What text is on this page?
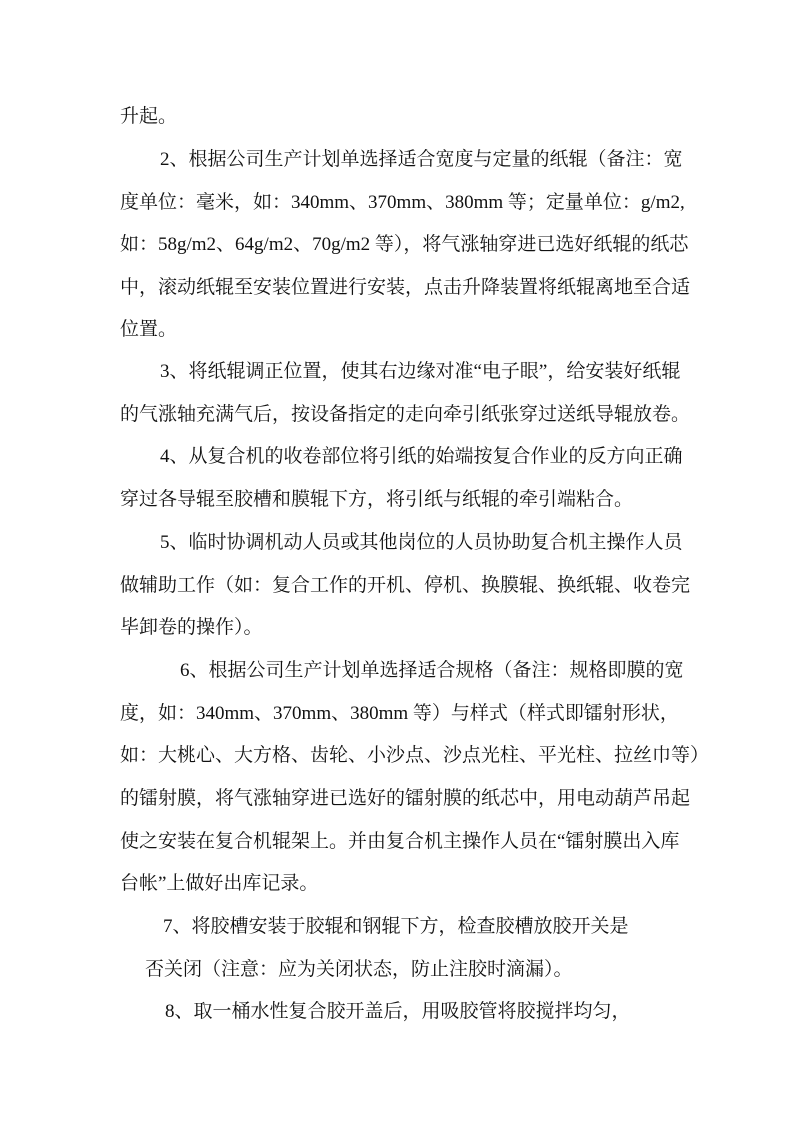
升起。
2、根据公司生产计划单选择适合宽度与定量的纸辊（备注：宽
度单位：毫米，如：340mm、370mm、380mm 等；定量单位：g/m2,
如：58g/m2、64g/m2、70g/m2 等），将气涨轴穿进已选好纸辊的纸芯
中，滚动纸辊至安装位置进行安装，点击升降装置将纸辊离地至合适
位置。
3、将纸辊调正位置，使其右边缘对准“电子眼”，给安装好纸辊
的气涨轴充满气后，按设备指定的走向牵引纸张穿过送纸导辊放卷。
4、从复合机的收卷部位将引纸的始端按复合作业的反方向正确
穿过各导辊至胶槽和膜辊下方，将引纸与纸辊的牵引端粘合。
5、临时协调机动人员或其他岗位的人员协助复合机主操作人员
做辅助工作（如：复合工作的开机、停机、换膜辊、换纸辊、收卷完
毕卸卷的操作）。
6、根据公司生产计划单选择适合规格（备注：规格即膜的宽
度，如：340mm、370mm、380mm 等）与样式（样式即镭射形状，
如：大桃心、大方格、齿轮、小沙点、沙点光柱、平光柱、拉丝巾等）
的镭射膜，将气涨轴穿进已选好的镭射膜的纸芯中，用电动葫芦吊起
使之安装在复合机辊架上。并由复合机主操作人员在“镭射膜出入库
台帐”上做好出库记录。
7、将胶槽安装于胶辊和钢辊下方，检查胶槽放胶开关是
否关闭（注意：应为关闭状态，防止注胶时滴漏）。
8、取一桶水性复合胶开盖后，用吸胶管将胶搅拌均匀，
